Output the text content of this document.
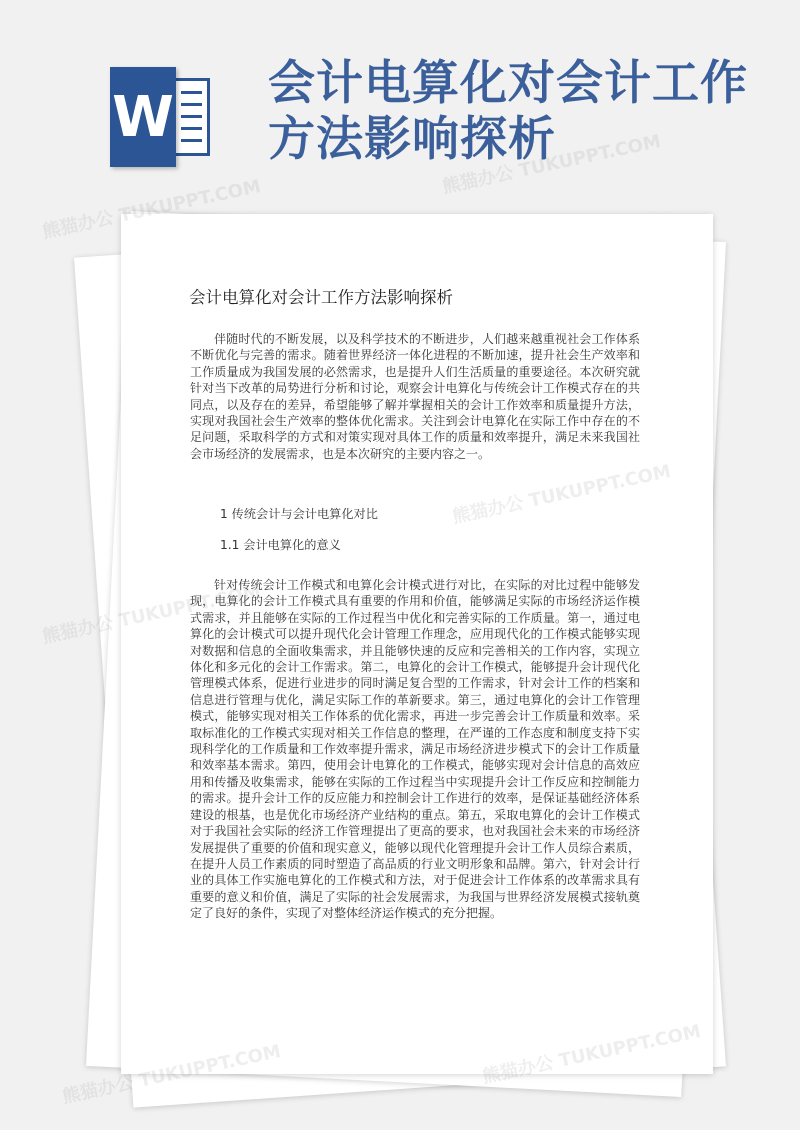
W
会计电算化对会计工作方法影响探析
会计电算化对会计工作方法影响探析

伴随时代的不断发展，以及科学技术的不断进步，人们越来越重视社会工作体系不断优化与完善的需求。随着世界经济一体化进程的不断加速，提升社会生产效率和工作质量成为我国发展的必然需求，也是提升人们生活质量的重要途径。本次研究就针对当下改革的局势进行分析和讨论，观察会计电算化与传统会计工作模式存在的共同点，以及存在的差异，希望能够了解并掌握相关的会计工作效率和质量提升方法，实现对我国社会生产效率的整体优化需求。关注到会计电算化在实际工作中存在的不足问题，采取科学的方式和对策实现对具体工作的质量和效率提升，满足未来我国社会市场经济的发展需求，也是本次研究的主要内容之一。

1 传统会计与会计电算化对比
1.1 会计电算化的意义

针对传统会计工作模式和电算化会计模式进行对比，在实际的对比过程中能够发现，电算化的会计工作模式具有重要的作用和价值，能够满足实际的市场经济运作模式需求，并且能够在实际的工作过程当中优化和完善实际的工作质量。第一，通过电算化的会计模式可以提升现代化会计管理工作理念，应用现代化的工作模式能够实现对数据和信息的全面收集需求，并且能够快速的反应和完善相关的工作内容，实现立体化和多元化的会计工作需求。第二，电算化的会计工作模式，能够提升会计现代化管理模式体系，促进行业进步的同时满足复合型的工作需求，针对会计工作的档案和信息进行管理与优化，满足实际工作的革新要求。第三，通过电算化的会计工作管理模式，能够实现对相关工作体系的优化需求，再进一步完善会计工作质量和效率。采取标准化的工作模式实现对相关工作信息的整理，在严谨的工作态度和制度支持下实现科学化的工作质量和工作效率提升需求，满足市场经济进步模式下的会计工作质量和效率基本需求。第四，使用会计电算化的工作模式，能够实现对会计信息的高效应用和传播及收集需求，能够在实际的工作过程当中实现提升会计工作反应和控制能力的需求。提升会计工作的反应能力和控制会计工作进行的效率，是保证基础经济体系建设的根基，也是优化市场经济产业结构的重点。第五，采取电算化的会计工作模式对于我国社会实际的经济工作管理提出了更高的要求，也对我国社会未来的市场经济发展提供了重要的价值和现实意义，能够以现代化管理提升会计工作人员综合素质，在提升人员工作素质的同时塑造了高品质的行业文明形象和品牌。第六，针对会计行业的具体工作实施电算化的工作模式和方法，对于促进会计工作体系的改革需求具有重要的意义和价值，满足了实际的社会发展需求，为我国与世界经济发展模式接轨奠定了良好的条件，实现了对整体经济运作模式的充分把握。

熊猫办公 TUKUPPT.COM
熊猫办公 TUKUPPT.COM
熊猫办公
熊猫办公
